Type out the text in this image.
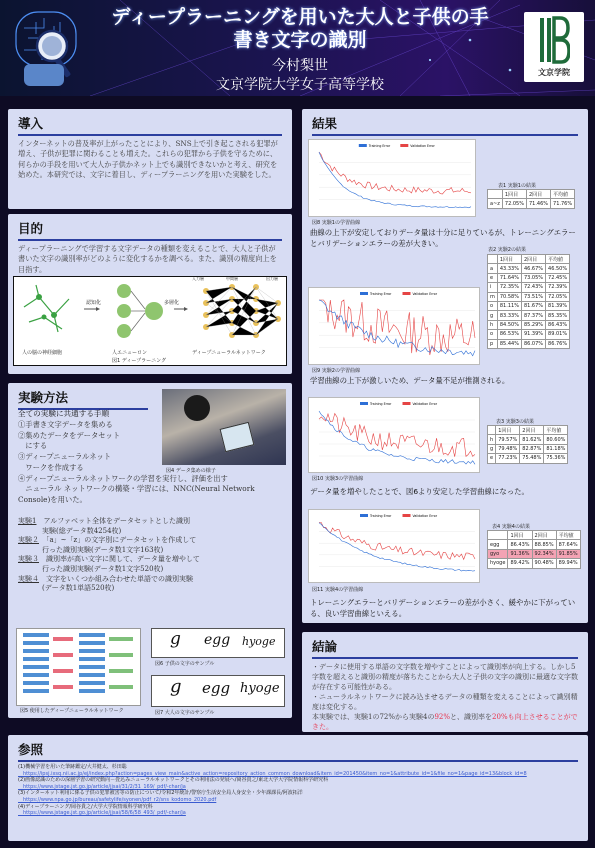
ディープラーニングを用いた大人と子供の手
書き文字の識別
今村梨世
文京学院大学女子高等学校
文京学院
導入
インターネットの普及率が上がったことにより、SNS上で引き起こされる犯罪が増え、子供が犯罪に関わることも増えた。これらの犯罪から子供を守るために、何らかの手段を用いて大人か子供かネット上でも識別できないかと考え、研究を始めた。本研究では、文字に着目し、ディープラーニングを用いた実験をした。
目的
ディープラーニングで学習する文字データの種類を変えることで、大人と子供が書いた文字の識別率がどのように変化するかを調べる。また、識別の精度向上を目指す。
認知化	多層化
入力層	中間層	出力層
人の脳の神経細胞	人エニューロン	ディープニューラルネットワーク
図1 ディープラーニング
実験方法
全ての実験に共通する手順
①手書き文字データを集める
②集めたデータをデータセット
　にする
③ディープニューラルネット
　ワークを作成する
④ディープニューラルネットワークの学習を実行し、評価を出す
　ニューラル ネットワークの構築・学習には、NNC(Neural Network
Console)を用いた。
図4 データ集めの様子
実験1　 アルファベット全体をデータセットとした識別
実験(総データ数4254枚)
実験２　 「a」~「z」の文字別にデータセットを作成して
行った識別実験(データ数1文字163枚)
実験３　 識別率が高い文字に関して、データ量を増やして
行った識別実験(データ数1文字520枚)
実験４　 文字をいくつか組み合わせた単語での識別実験
(データ数1単語520枚)
図5 使用したディープニューラルネットワーク
g egg hyoge
図6 子供の文字のサンプル
g egg hyoge
図7 大人の文字のサンプル
結果
Training Error	Validation Error
図8 実験1の学習曲線
表1 実験1の結果
	1回目	2回目	平均値
a~z	72.05%	71.46%	71.76%
曲線の上下が安定しておりデータ量は十分に足りているが、トレーニングエラーとバリデーションエラーの差が大きい。
Training Error	Validation Error
図9 実験2の学習曲線
表2 実験2の結果
	1回目	2回目	平均値
a	43.33%	46.67%	46.50%
e	71.64%	73.05%	72.45%
i	72.35%	72.43%	72.39%
m	70.58%	73.51%	72.05%
o	81.11%	81.67%	81.39%
g	83.33%	87.37%	85.35%
h	84.50%	85.29%	86.43%
o	86.53%	91.39%	89.01%
p	85.44%	86.07%	86.76%
学習曲線の上下が激しいため、データ量不足が推測される。
Training Error	Validation Error
図10 実験3の学習曲線
表3 実験3の結果
	1回目	2回目	平均値
h	79.57%	81.62%	80.60%
g	79.48%	82.87%	81.18%
e	77.23%	75.48%	75.36%
データ量を増やしたことで、図6より安定した学習曲線になった。
Training Error	Validation Error
図11 実験4の学習曲線
表4 実験4の結果
	1回目	2回目	平均値
egg	86.43%	88.85%	87.64%
gyo	91.36%	92.34%	91.85%
hyoge	89.42%	90.48%	89.94%
トレーニングエラーとバリデーションエラーの差が小さく、緩やかに下がっている、良い学習曲線といえる。
結論
・データに使用する単語の文字数を増やすことによって識別率が向上する。しかし5字数を超えると識別の精度が落ちたことから大人と子供の文字の識別に最適な文字数が存在する可能性がある。
・ニューラルネットワークに読み込ませるデータの種類を変えることによって識別精度は変化する。
本実験では、実験1の72%から実験4の92%と、識別率を20%も向上させることができた。
参照
(1)機械学習を用いた筆跡鑑定/大井健太、杉田聡
　https://ipsj.ixsq.nii.ac.jp/ej/index.php?action=pages_view_main&active_action=repository_action_common_download&item_id=201450&item_no=1&attribute_id=1&file_no=1&page_id=13&block_id=8
(2)画像認識のための深層学習の研究動向－畳込みニューラルネットワークとその利用法の発展へ/岡谷貴之/東北大学大学院情報科学研究科
　https://www.jstage.jst.go.jp/article/jjsai/31/2/31_169/_pdf/-char/ja
(3)インターネット利用に係る子供の犯罪被害等の防止について/令和2年統計/警察庁生活安全局人身安全・少年課課長/阿波拓洋
　https://www.npa.go.jp/bureau/safetylife/syonen/pdf_r2/sns_kodomo_2020.pdf
(4)ディープラーニング/岡谷貴之/大学大学院情報科学研究科
　https://www.jstage.jst.go.jp/article/jjsai/58/6/58_493/_pdf/-char/ja
